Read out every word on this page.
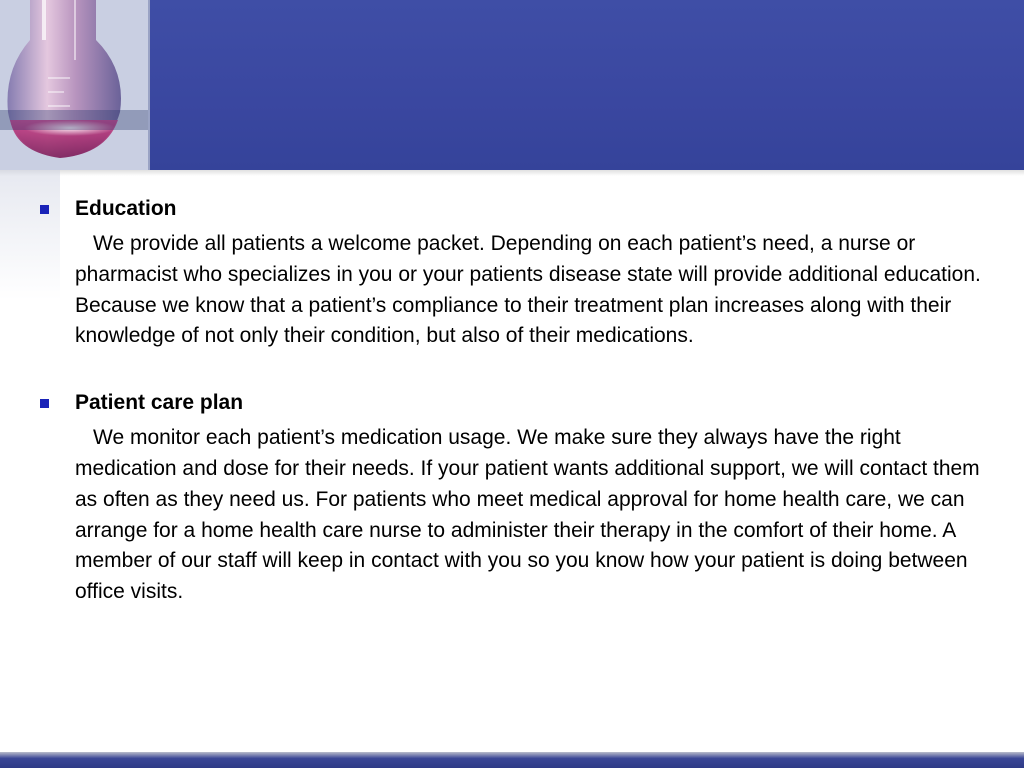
Education

We provide all patients a welcome packet. Depending on each patient’s need, a nurse or pharmacist who specializes in you or your patients disease state will provide additional education. Because we know that a patient’s compliance to their treatment plan increases along with their knowledge of not only their condition, but also of their medications.

Patient care plan

We monitor each patient’s medication usage. We make sure they always have the right medication and dose for their needs. If your patient wants additional support, we will contact them as often as they need us. For patients who meet medical approval for home health care, we can arrange for a home health care nurse to administer their therapy in the comfort of their home. A member of our staff will keep in contact with you so you know how your patient is doing between office visits.
